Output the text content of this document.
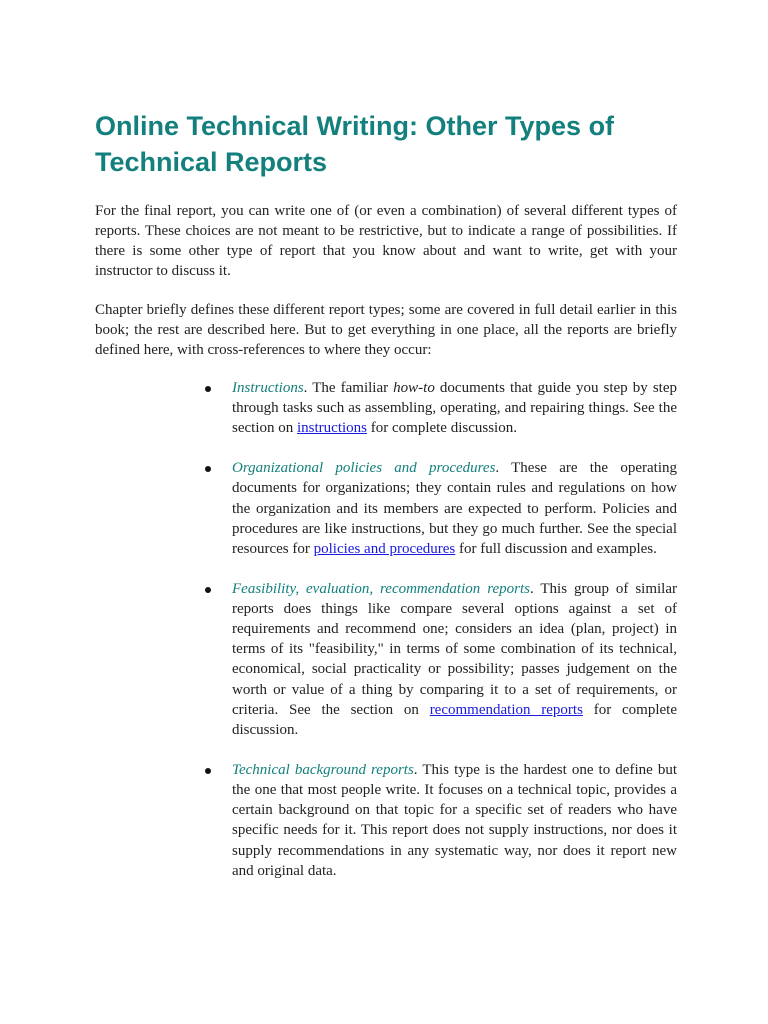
Online Technical Writing: Other Types of Technical Reports

For the final report, you can write one of (or even a combination) of several different types of reports. These choices are not meant to be restrictive, but to indicate a range of possibilities. If there is some other type of report that you know about and want to write, get with your instructor to discuss it.

Chapter briefly defines these different report types; some are covered in full detail earlier in this book; the rest are described here. But to get everything in one place, all the reports are briefly defined here, with cross-references to where they occur:

Instructions. The familiar how-to documents that guide you step by step through tasks such as assembling, operating, and repairing things. See the section on instructions for complete discussion.
Organizational policies and procedures. These are the operating documents for organizations; they contain rules and regulations on how the organization and its members are expected to perform. Policies and procedures are like instructions, but they go much further. See the special resources for policies and procedures for full discussion and examples.
Feasibility, evaluation, recommendation reports. This group of similar reports does things like compare several options against a set of requirements and recommend one; considers an idea (plan, project) in terms of its "feasibility," in terms of some combination of its technical, economical, social practicality or possibility; passes judgement on the worth or value of a thing by comparing it to a set of requirements, or criteria. See the section on recommendation reports for complete discussion.
Technical background reports. This type is the hardest one to define but the one that most people write. It focuses on a technical topic, provides a certain background on that topic for a specific set of readers who have specific needs for it. This report does not supply instructions, nor does it supply recommendations in any systematic way, nor does it report new and original data.
